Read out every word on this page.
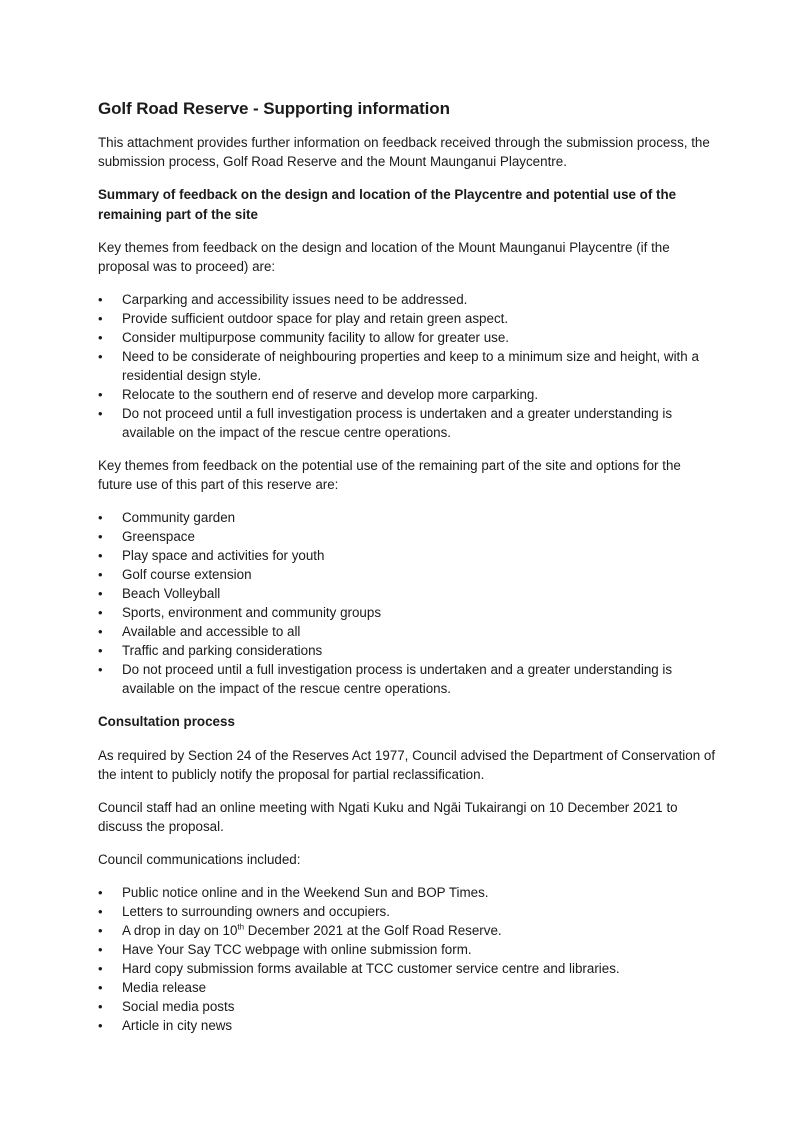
Golf Road Reserve - Supporting information

This attachment provides further information on feedback received through the submission process, the submission process, Golf Road Reserve and the Mount Maunganui Playcentre.

Summary of feedback on the design and location of the Playcentre and potential use of the remaining part of the site

Key themes from feedback on the design and location of the Mount Maunganui Playcentre (if the proposal was to proceed) are:

• Carparking and accessibility issues need to be addressed.
• Provide sufficient outdoor space for play and retain green aspect.
• Consider multipurpose community facility to allow for greater use.
• Need to be considerate of neighbouring properties and keep to a minimum size and height, with a residential design style.
• Relocate to the southern end of reserve and develop more carparking.
• Do not proceed until a full investigation process is undertaken and a greater understanding is available on the impact of the rescue centre operations.

Key themes from feedback on the potential use of the remaining part of the site and options for the future use of this part of this reserve are:

• Community garden
• Greenspace
• Play space and activities for youth
• Golf course extension
• Beach Volleyball
• Sports, environment and community groups
• Available and accessible to all
• Traffic and parking considerations
• Do not proceed until a full investigation process is undertaken and a greater understanding is available on the impact of the rescue centre operations.
Consultation process

As required by Section 24 of the Reserves Act 1977, Council advised the Department of Conservation of the intent to publicly notify the proposal for partial reclassification.

Council staff had an online meeting with Ngati Kuku and Ngāi Tukairangi on 10 December 2021 to discuss the proposal.

Council communications included:

• Public notice online and in the Weekend Sun and BOP Times.
• Letters to surrounding owners and occupiers.
• A drop in day on 10th December 2021 at the Golf Road Reserve.
• Have Your Say TCC webpage with online submission form.
• Hard copy submission forms available at TCC customer service centre and libraries.
• Media release
• Social media posts
• Article in city news
